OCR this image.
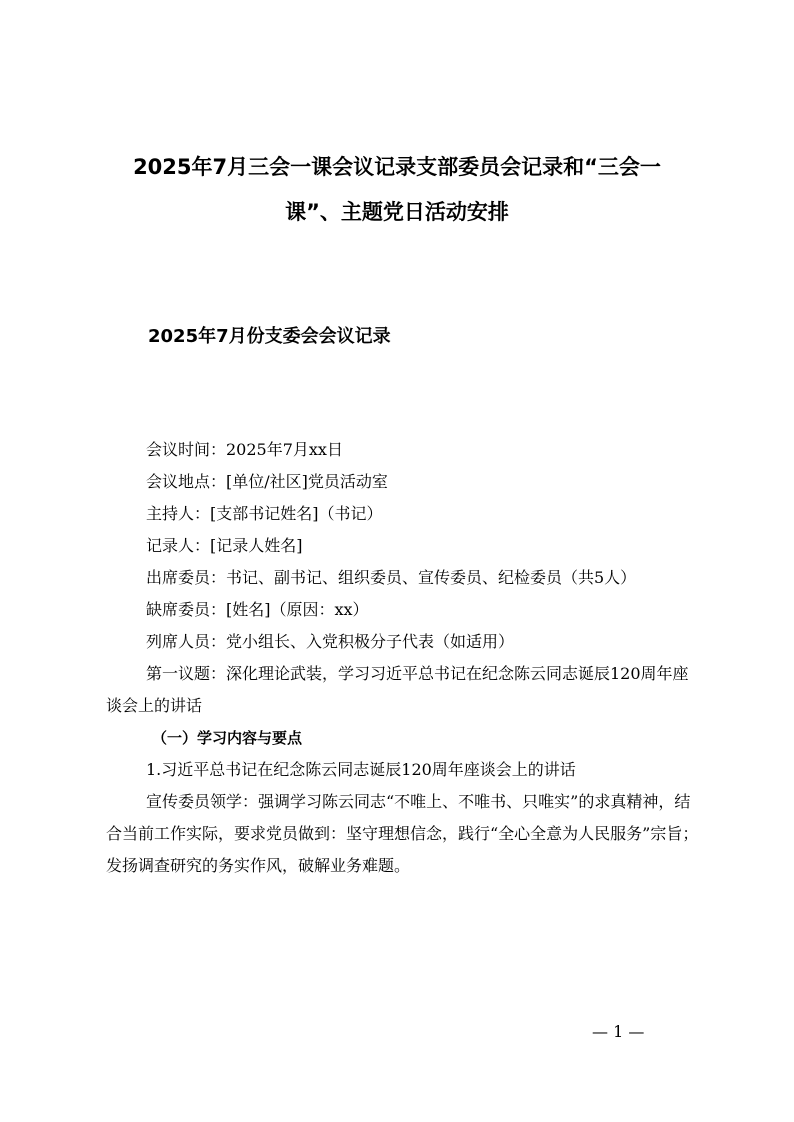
2025年7月三会一课会议记录支部委员会记录和“三会一
课”、主题党日活动安排
2025年7月份支委会会议记录

会议时间：2025年7月xx日

会议地点：[单位/社区]党员活动室

主持人：[支部书记姓名]（书记）

记录人：[记录人姓名]

出席委员：书记、副书记、组织委员、宣传委员、纪检委员（共5人）

缺席委员：[姓名]（原因：xx）

列席人员：党小组长、入党积极分子代表（如适用）

第一议题：深化理论武装，学习习近平总书记在纪念陈云同志诞辰120周年座谈会上的讲话

（一）学习内容与要点

1.习近平总书记在纪念陈云同志诞辰120周年座谈会上的讲话

宣传委员领学：强调学习陈云同志“不唯上、不唯书、只唯实”的求真精神，结合当前工作实际，要求党员做到：坚守理想信念，践行“全心全意为人民服务”宗旨；发扬调查研究的务实作风，破解业务难题。

— 1 —
